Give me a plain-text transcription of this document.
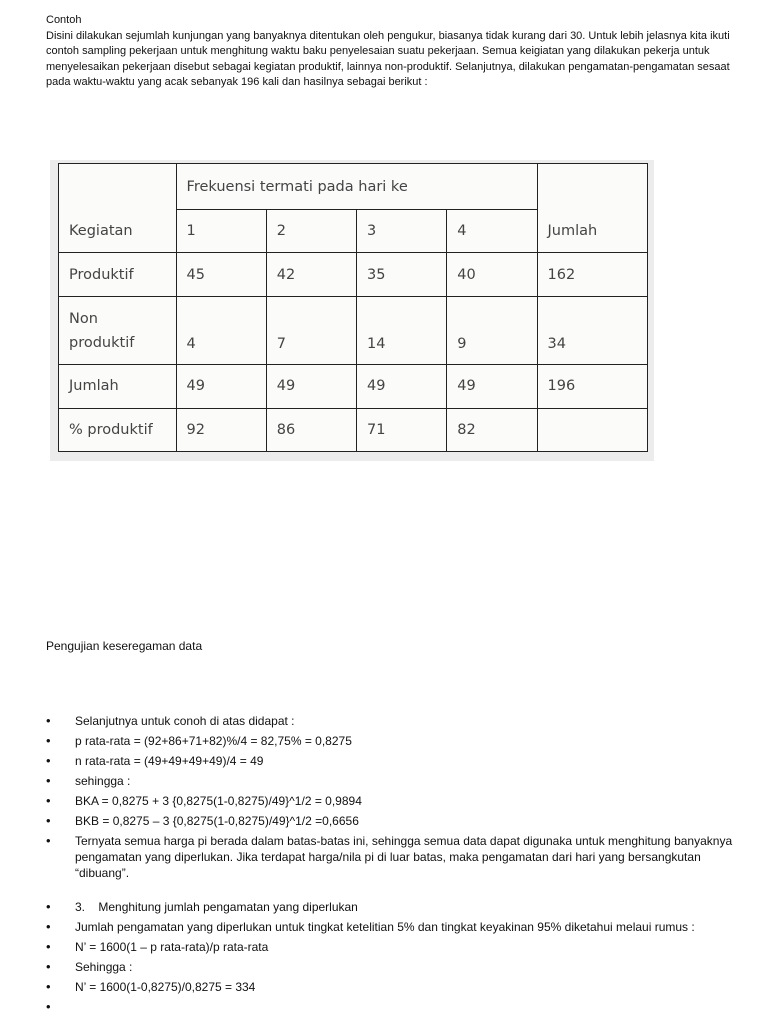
Contoh

Disini dilakukan sejumlah kunjungan yang banyaknya ditentukan oleh pengukur, biasanya tidak kurang dari 30. Untuk lebih jelasnya kita ikuti contoh sampling pekerjaan untuk menghitung waktu baku penyelesaian suatu pekerjaan. Semua keigiatan yang dilakukan pekerja untuk menyelesaikan pekerjaan disebut sebagai kegiatan produktif, lainnya non-produktif. Selanjutnya, dilakukan pengamatan-pengamatan sesaat pada waktu-waktu yang acak sebanyak 196 kali dan hasilnya sebagai berikut :

Kegiatan	Frekuensi termati pada hari ke				Jumlah
	1	2	3	4	
Produktif	45	42	35	40	162
Non produktif	4	7	14	9	34
Jumlah	49	49	49	49	196
% produktif	92	86	71	82	

Pengujian keseregaman data

• Selanjutnya untuk conoh di atas didapat :
• p rata-rata = (92+86+71+82)%/4 = 82,75% = 0,8275
• n rata-rata = (49+49+49+49)/4 = 49
• sehingga :
• BKA = 0,8275 + 3 {0,8275(1-0,8275)/49}^1/2 = 0,9894
• BKB = 0,8275 – 3 {0,8275(1-0,8275)/49}^1/2 =0,6656
• Ternyata semua harga pi berada dalam batas-batas ini, sehingga semua data dapat digunaka untuk menghitung banyaknya pengamatan yang diperlukan. Jika terdapat harga/nila pi di luar batas, maka pengamatan dari hari yang bersangkutan “dibuang”.
• 3.    Menghitung jumlah pengamatan yang diperlukan
• Jumlah pengamatan yang diperlukan untuk tingkat ketelitian 5% dan tingkat keyakinan 95% diketahui melaui rumus :
• N’ = 1600(1 – p rata-rata)/p rata-rata
• Sehingga :
• N’ = 1600(1-0,8275)/0,8275 = 334
•
